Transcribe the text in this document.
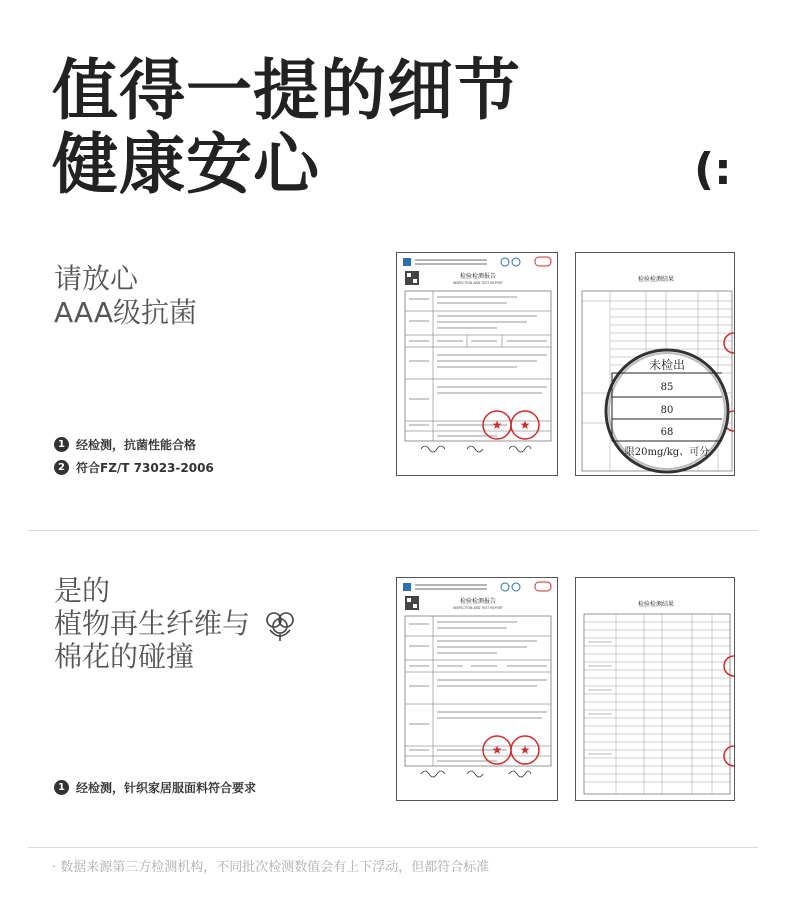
值得一提的细节
健康安心	(:
请放心
AAA级抗菌
1 经检测，抗菌性能合格
2 符合FZ/T 73023-2006
检验检测报告
INSPECTION AND TEST REPORT
★ ★
检验检测结果
未检出
85
80
68
限20mg/kg、可分
是的
植物再生纤维与
棉花的碰撞
1 经检测，针织家居服面料符合要求
检验检测报告
INSPECTION AND TEST REPORT
★ ★
检验检测结果
· 数据来源第三方检测机构，不同批次检测数值会有上下浮动，但都符合标准
